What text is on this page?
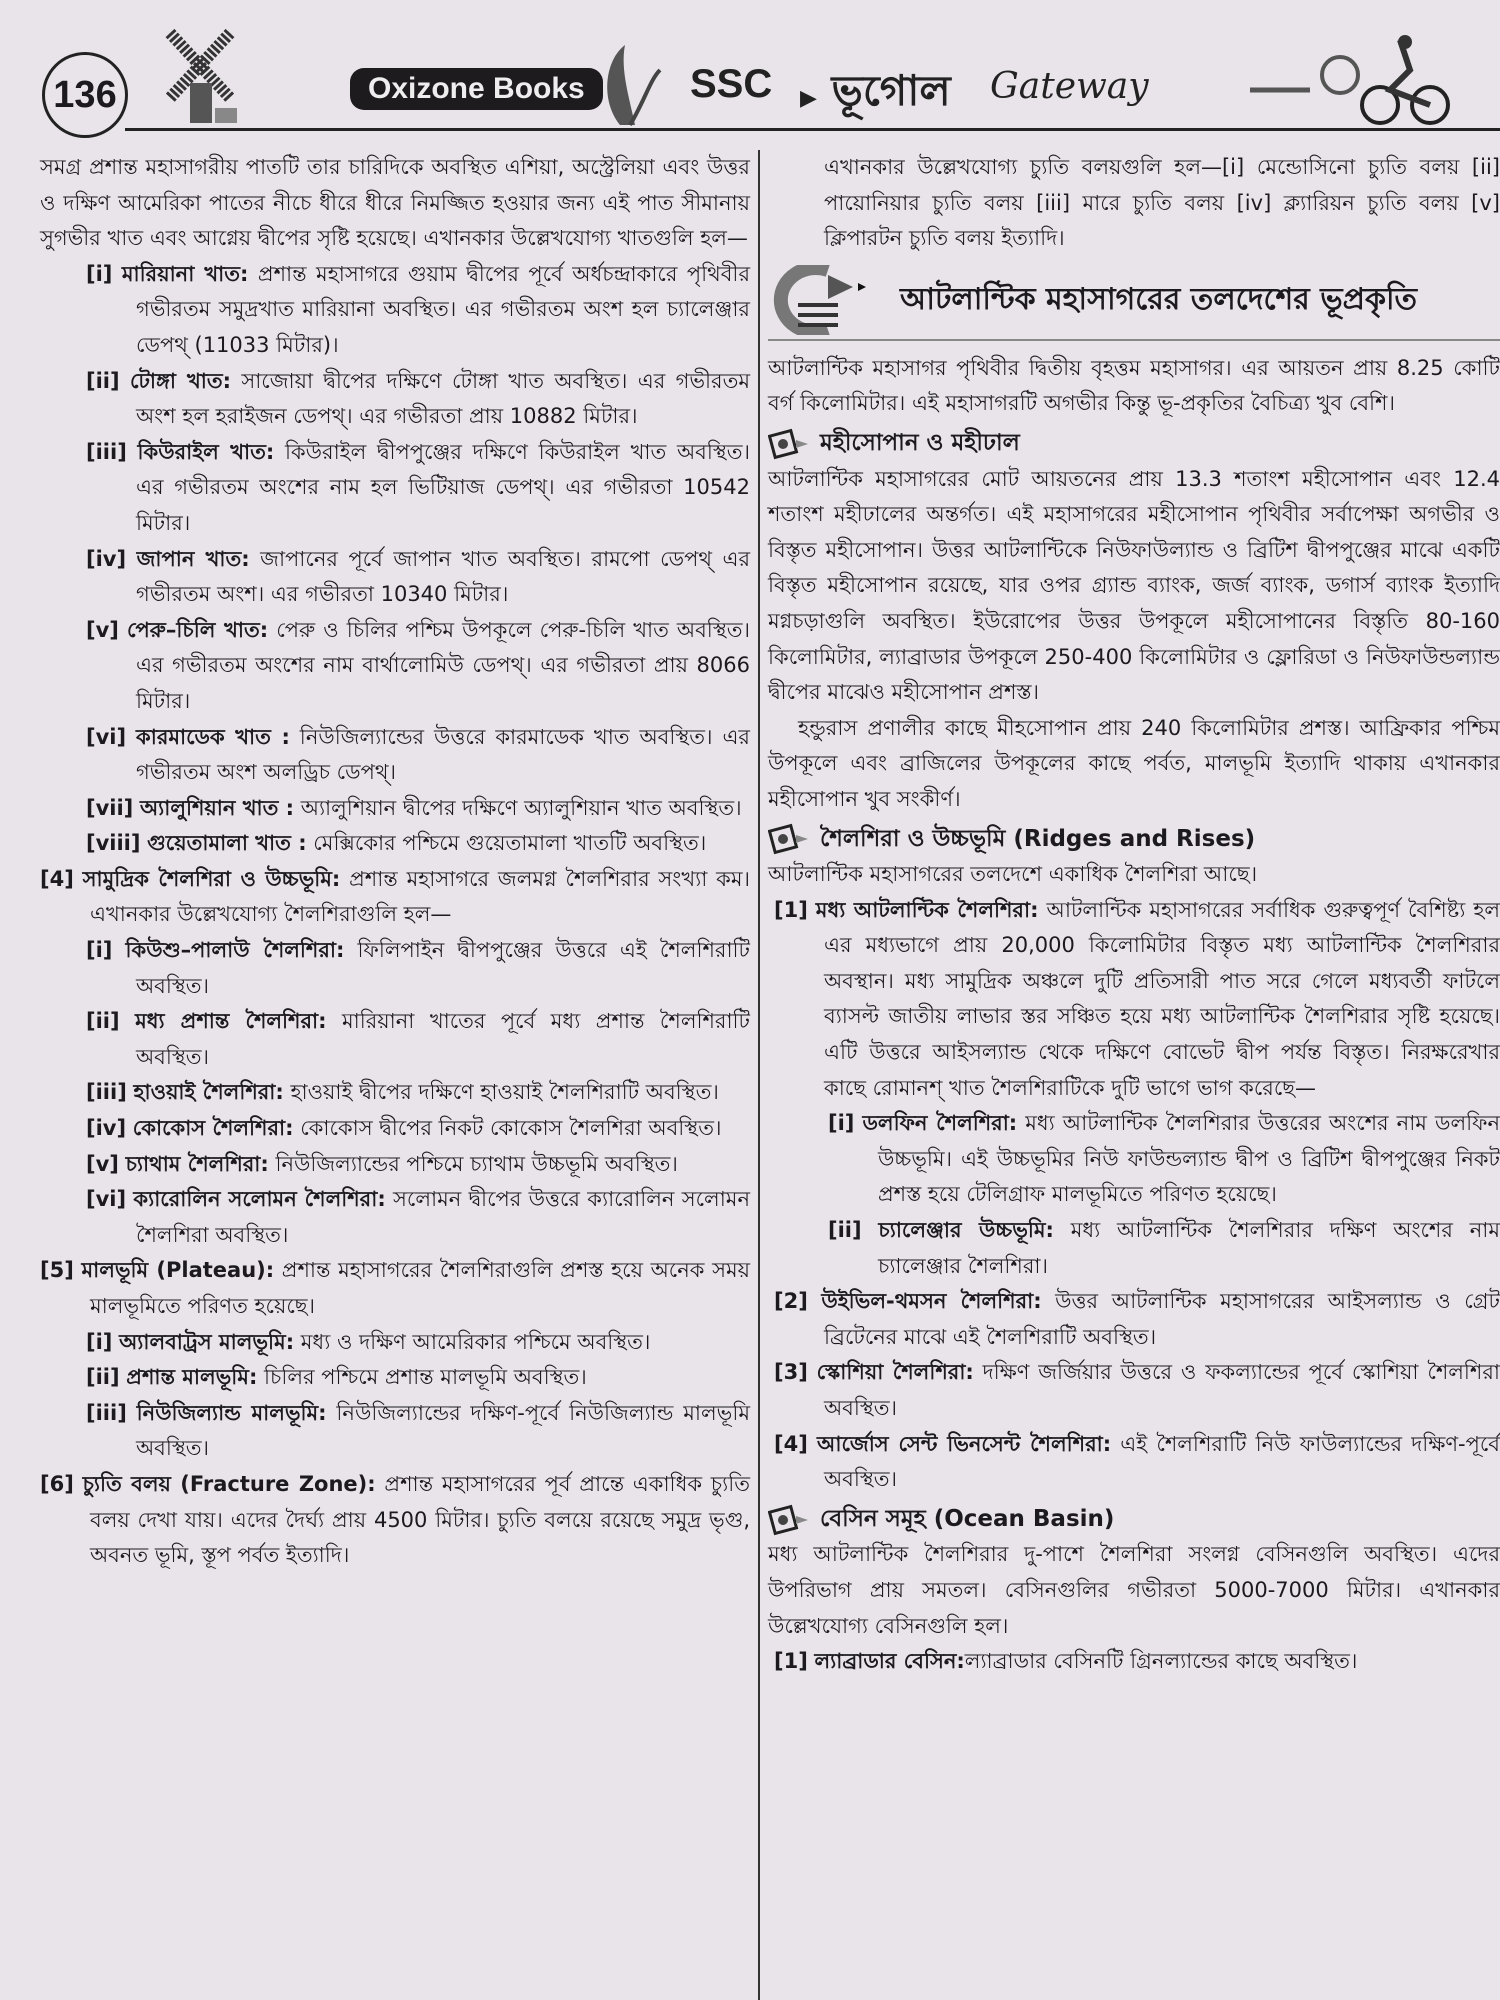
136	Oxizone Books	SSC ▶ ভূগোল Gateway
সমগ্র প্রশান্ত মহাসাগরীয় পাতটি তার চারিদিকে অবস্থিত এশিয়া, অস্ট্রেলিয়া এবং উত্তর ও দক্ষিণ আমেরিকা পাতের নীচে ধীরে ধীরে নিমজ্জিত হওয়ার জন্য এই পাত সীমানায় সুগভীর খাত এবং আগ্নেয় দ্বীপের সৃষ্টি হয়েছে। এখানকার উল্লেখযোগ্য খাতগুলি হল—
[i] মারিয়ানা খাত: প্রশান্ত মহাসাগরে গুয়াম দ্বীপের পূর্বে অর্ধচন্দ্রাকারে পৃথিবীর গভীরতম সমুদ্রখাত মারিয়ানা অবস্থিত। এর গভীরতম অংশ হল চ্যালেঞ্জার ডেপথ্ (11033 মিটার)।
[ii] টোঙ্গা খাত: সাজোয়া দ্বীপের দক্ষিণে টোঙ্গা খাত অবস্থিত। এর গভীরতম অংশ হল হরাইজন ডেপথ্। এর গভীরতা প্রায় 10882 মিটার।
[iii] কিউরাইল খাত: কিউরাইল দ্বীপপুঞ্জের দক্ষিণে কিউরাইল খাত অবস্থিত। এর গভীরতম অংশের নাম হল ভিটিয়াজ ডেপথ্। এর গভীরতা 10542 মিটার।
[iv] জাপান খাত: জাপানের পূর্বে জাপান খাত অবস্থিত। রামপো ডেপথ্ এর গভীরতম অংশ। এর গভীরতা 10340 মিটার।
[v] পেরু–চিলি খাত: পেরু ও চিলির পশ্চিম উপকূলে পেরু-চিলি খাত অবস্থিত। এর গভীরতম অংশের নাম বার্থালোমিউ ডেপথ্। এর গভীরতা প্রায় 8066 মিটার।
[vi] কারমাডেক খাত : নিউজিল্যান্ডের উত্তরে কারমাডেক খাত অবস্থিত। এর গভীরতম অংশ অলড্রিচ ডেপথ্।
[vii] অ্যালুশিয়ান খাত : অ্যালুশিয়ান দ্বীপের দক্ষিণে অ্যালুশিয়ান খাত অবস্থিত।
[viii] গুয়েতামালা খাত : মেক্সিকোর পশ্চিমে গুয়েতামালা খাতটি অবস্থিত।
[4] সামুদ্রিক শৈলশিরা ও উচ্চভূমি: প্রশান্ত মহাসাগরে জলমগ্ন শৈলশিরার সংখ্যা কম। এখানকার উল্লেখযোগ্য শৈলশিরাগুলি হল—
[i] কিউশু–পালাউ শৈলশিরা: ফিলিপাইন দ্বীপপুঞ্জের উত্তরে এই শৈলশিরাটি অবস্থিত।
[ii] মধ্য প্রশান্ত শৈলশিরা: মারিয়ানা খাতের পূর্বে মধ্য প্রশান্ত শৈলশিরাটি অবস্থিত।
[iii] হাওয়াই শৈলশিরা: হাওয়াই দ্বীপের দক্ষিণে হাওয়াই শৈলশিরাটি অবস্থিত।
[iv] কোকোস শৈলশিরা: কোকোস দ্বীপের নিকট কোকোস শৈলশিরা অবস্থিত।
[v] চ্যাথাম শৈলশিরা: নিউজিল্যান্ডের পশ্চিমে চ্যাথাম উচ্চভূমি অবস্থিত।
[vi] ক্যারোলিন সলোমন শৈলশিরা: সলোমন দ্বীপের উত্তরে ক্যারোলিন সলোমন শৈলশিরা অবস্থিত।
[5] মালভূমি (Plateau): প্রশান্ত মহাসাগরের শৈলশিরাগুলি প্রশস্ত হয়ে অনেক সময় মালভূমিতে পরিণত হয়েছে।
[i] অ্যালবাট্রস মালভূমি: মধ্য ও দক্ষিণ আমেরিকার পশ্চিমে অবস্থিত।
[ii] প্রশান্ত মালভূমি: চিলির পশ্চিমে প্রশান্ত মালভূমি অবস্থিত।
[iii] নিউজিল্যান্ড মালভূমি: নিউজিল্যান্ডের দক্ষিণ-পূর্বে নিউজিল্যান্ড মালভূমি অবস্থিত।
[6] চ্যুতি বলয় (Fracture Zone): প্রশান্ত মহাসাগরের পূর্ব প্রান্তে একাধিক চ্যুতি বলয় দেখা যায়। এদের দৈর্ঘ্য প্রায় 4500 মিটার। চ্যুতি বলয়ে রয়েছে সমুদ্র ভৃগু, অবনত ভূমি, স্তূপ পর্বত ইত্যাদি।
এখানকার উল্লেখযোগ্য চ্যুতি বলয়গুলি হল—[i] মেন্ডোসিনো চ্যুতি বলয় [ii] পায়োনিয়ার চ্যুতি বলয় [iii] মারে চ্যুতি বলয় [iv] ক্ল্যারিয়ন চ্যুতি বলয় [v] ক্লিপারটন চ্যুতি বলয় ইত্যাদি।
আটলান্টিক মহাসাগরের তলদেশের ভূপ্রকৃতি
আটলান্টিক মহাসাগর পৃথিবীর দ্বিতীয় বৃহত্তম মহাসাগর। এর আয়তন প্রায় 8.25 কোটি বর্গ কিলোমিটার। এই মহাসাগরটি অগভীর কিন্তু ভূ-প্রকৃতির বৈচিত্র্য খুব বেশি।
মহীসোপান ও মহীঢাল
আটলান্টিক মহাসাগরের মোট আয়তনের প্রায় 13.3 শতাংশ মহীসোপান এবং 12.4 শতাংশ মহীঢালের অন্তর্গত। এই মহাসাগরের মহীসোপান পৃথিবীর সর্বাপেক্ষা অগভীর ও বিস্তৃত মহীসোপান। উত্তর আটলান্টিকে নিউফাউল্যান্ড ও ব্রিটিশ দ্বীপপুঞ্জের মাঝে একটি বিস্তৃত মহীসোপান রয়েছে, যার ওপর গ্র্যান্ড ব্যাংক, জর্জ ব্যাংক, ডগার্স ব্যাংক ইত্যাদি মগ্নচড়াগুলি অবস্থিত। ইউরোপের উত্তর উপকূলে মহীসোপানের বিস্তৃতি 80-160 কিলোমিটার, ল্যাব্রাডার উপকূলে 250-400 কিলোমিটার ও ফ্লোরিডা ও নিউফাউন্ডল্যান্ড দ্বীপের মাঝেও মহীসোপান প্রশস্ত।
হন্ডুরাস প্রণালীর কাছে মীহসোপান প্রায় 240 কিলোমিটার প্রশস্ত। আফ্রিকার পশ্চিম উপকূলে এবং ব্রাজিলের উপকূলের কাছে পর্বত, মালভূমি ইত্যাদি থাকায় এখানকার মহীসোপান খুব সংকীর্ণ।
শৈলশিরা ও উচ্চভূমি (Ridges and Rises)
আটলান্টিক মহাসাগরের তলদেশে একাধিক শৈলশিরা আছে।
[1] মধ্য আটলান্টিক শৈলশিরা: আটলান্টিক মহাসাগরের সর্বাধিক গুরুত্বপূর্ণ বৈশিষ্ট্য হল এর মধ্যভাগে প্রায় 20,000 কিলোমিটার বিস্তৃত মধ্য আটলান্টিক শৈলশিরার অবস্থান। মধ্য সামুদ্রিক অঞ্চলে দুটি প্রতিসারী পাত সরে গেলে মধ্যবর্তী ফাটলে ব্যাসল্ট জাতীয় লাভার স্তর সঞ্চিত হয়ে মধ্য আটলান্টিক শৈলশিরার সৃষ্টি হয়েছে। এটি উত্তরে আইসল্যান্ড থেকে দক্ষিণে বোভেট দ্বীপ পর্যন্ত বিস্তৃত। নিরক্ষরেখার কাছে রোমানশ্ খাত শৈলশিরাটিকে দুটি ভাগে ভাগ করেছে—
[i] ডলফিন শৈলশিরা: মধ্য আটলান্টিক শৈলশিরার উত্তরের অংশের নাম ডলফিন উচ্চভূমি। এই উচ্চভূমির নিউ ফাউন্ডল্যান্ড দ্বীপ ও ব্রিটিশ দ্বীপপুঞ্জের নিকট প্রশস্ত হয়ে টেলিগ্রাফ মালভূমিতে পরিণত হয়েছে।
[ii] চ্যালেঞ্জার উচ্চভূমি: মধ্য আটলান্টিক শৈলশিরার দক্ষিণ অংশের নাম চ্যালেঞ্জার শৈলশিরা।
[2] উইভিল-থমসন শৈলশিরা: উত্তর আটলান্টিক মহাসাগরের আইসল্যান্ড ও গ্রেট ব্রিটেনের মাঝে এই শৈলশিরাটি অবস্থিত।
[3] স্কোশিয়া শৈলশিরা: দক্ষিণ জর্জিয়ার উত্তরে ও ফকল্যান্ডের পূর্বে স্কোশিয়া শৈলশিরা অবস্থিত।
[4] আর্জোস সেন্ট ভিনসেন্ট শৈলশিরা: এই শৈলশিরাটি নিউ ফাউল্যান্ডের দক্ষিণ-পূর্বে অবস্থিত।
বেসিন সমূহ (Ocean Basin)
মধ্য আটলান্টিক শৈলশিরার দু-পাশে শৈলশিরা সংলগ্ন বেসিনগুলি অবস্থিত। এদের উপরিভাগ প্রায় সমতল। বেসিনগুলির গভীরতা 5000-7000 মিটার। এখানকার উল্লেখযোগ্য বেসিনগুলি হল।
[1] ল্যাব্রাডার বেসিন:ল্যাব্রাডার বেসিনটি গ্রিনল্যান্ডের কাছে অবস্থিত।
